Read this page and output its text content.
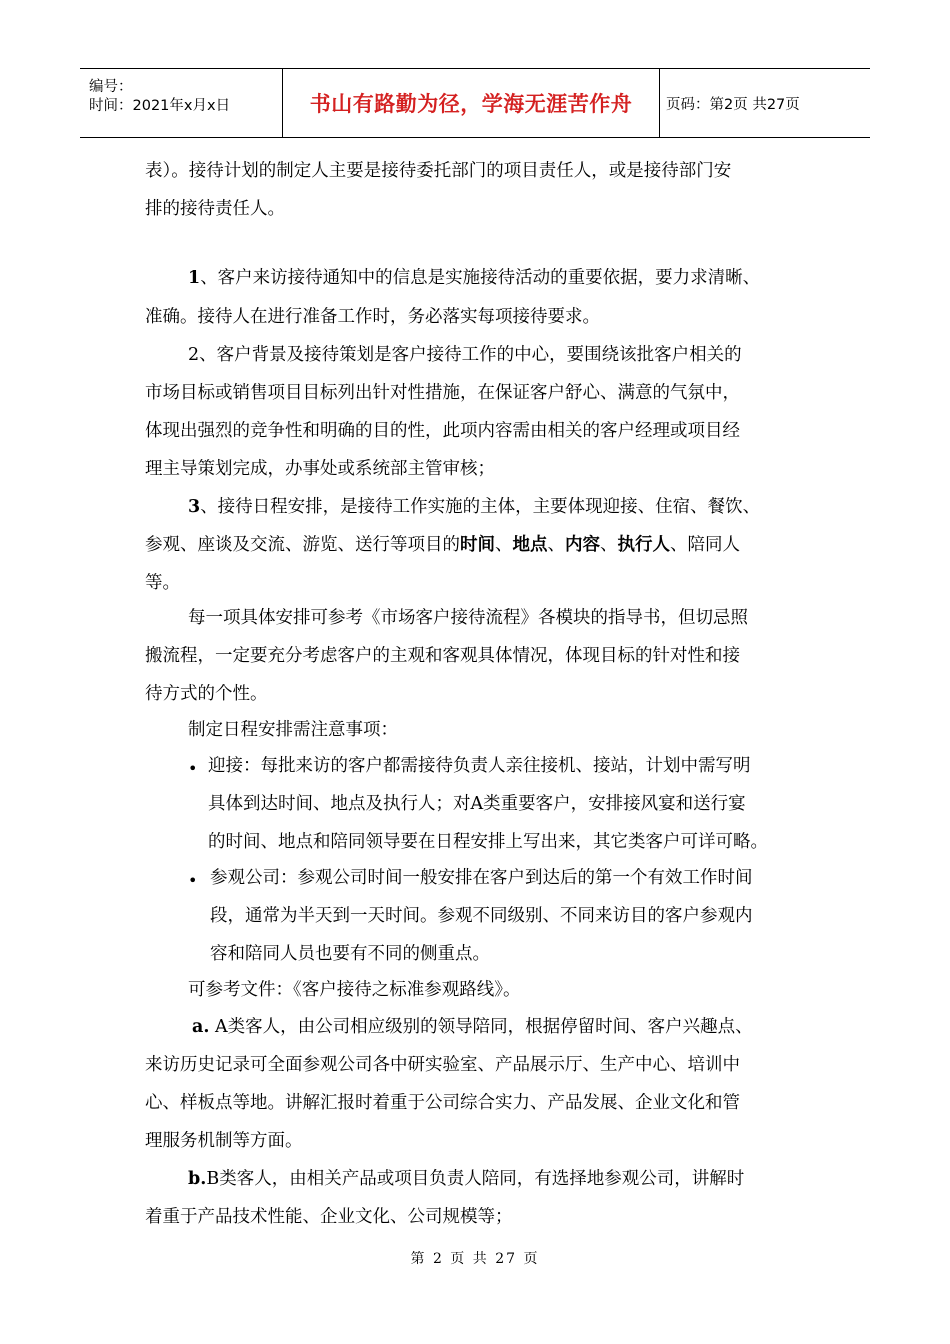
编号：
时间：2021年x月x日	书山有路勤为径，学海无涯苦作舟 页码：第2页 共27页
表）。接待计划的制定人主要是接待委托部门的项目责任人，或是接待部门安
排的接待责任人。
1、客户来访接待通知中的信息是实施接待活动的重要依据，要力求清晰、
准确。接待人在进行准备工作时，务必落实每项接待要求。
2、客户背景及接待策划是客户接待工作的中心，要围绕该批客户相关的
市场目标或销售项目目标列出针对性措施，在保证客户舒心、满意的气氛中，
体现出强烈的竞争性和明确的目的性，此项内容需由相关的客户经理或项目经
理主导策划完成，办事处或系统部主管审核；
3、接待日程安排，是接待工作实施的主体，主要体现迎接、住宿、餐饮、
参观、座谈及交流、游览、送行等项目的时间、地点、内容、执行人、陪同人
等。
每一项具体安排可参考《市场客户接待流程》各模块的指导书，但切忌照
搬流程，一定要充分考虑客户的主观和客观具体情况，体现目标的针对性和接
待方式的个性。
制定日程安排需注意事项：
• 迎接：每批来访的客户都需接待负责人亲往接机、接站，计划中需写明
具体到达时间、地点及执行人；对A类重要客户，安排接风宴和送行宴
的时间、地点和陪同领导要在日程安排上写出来，其它类客户可详可略。
• 参观公司：参观公司时间一般安排在客户到达后的第一个有效工作时间
段，通常为半天到一天时间。参观不同级别、不同来访目的客户参观内
容和陪同人员也要有不同的侧重点。
可参考文件：《客户接待之标准参观路线》。
a. A类客人，由公司相应级别的领导陪同，根据停留时间、客户兴趣点、
来访历史记录可全面参观公司各中研实验室、产品展示厅、生产中心、培训中
心、样板点等地。讲解汇报时着重于公司综合实力、产品发展、企业文化和管
理服务机制等方面。
b.B类客人，由相关产品或项目负责人陪同，有选择地参观公司，讲解时
着重于产品技术性能、企业文化、公司规模等；
第 2 页 共 27 页
